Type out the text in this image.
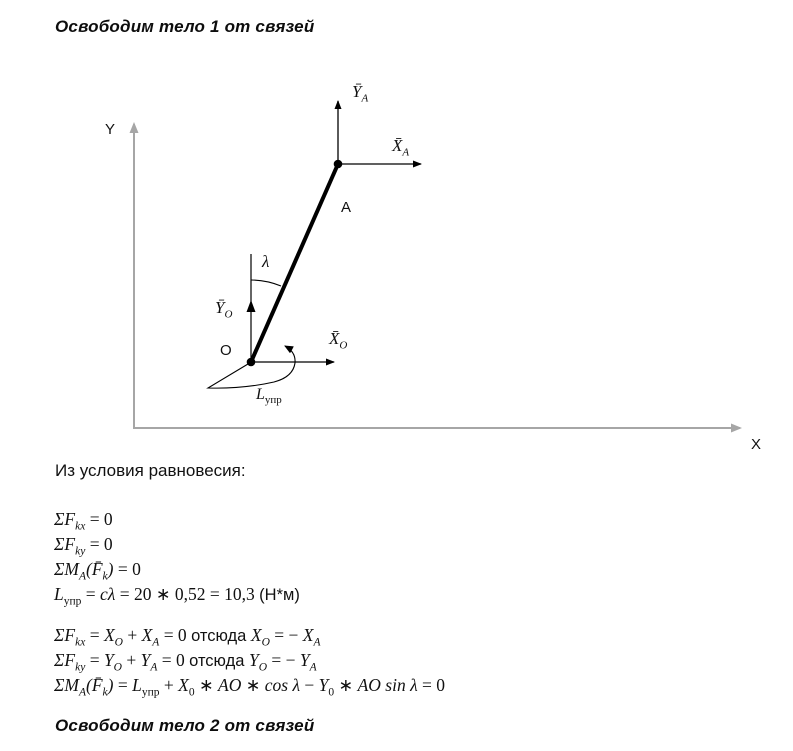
Освободим тело 1 от связей
Y
X
A
O
λ
$Ȳ_A$
$X̄_A$
$Ȳ_O$
$X̄_O$
$L_{упр}$
Из условия равновесия:
$\Sigma F_{kx} = 0$
$\Sigma F_{ky} = 0$
$\Sigma M_A(F̄_k) = 0$
$L_{упр} = c\lambda = 20$ ∗ 0,52 = 10,3 (Н*м)
$\Sigma F_{kx} = X_O + X_A = 0$ отсюда $X_O$ = − $X_A$
$\Sigma F_{ky} = Y_O + Y_A = 0$ отсюда $Y_O$ = − $Y_A$
$\Sigma M_A(F̄_k) = L_{упр} + X_0$ ∗ AO ∗ $\cos \lambda - Y_0$ ∗ AO sin λ = 0
Освободим тело 2 от связей
